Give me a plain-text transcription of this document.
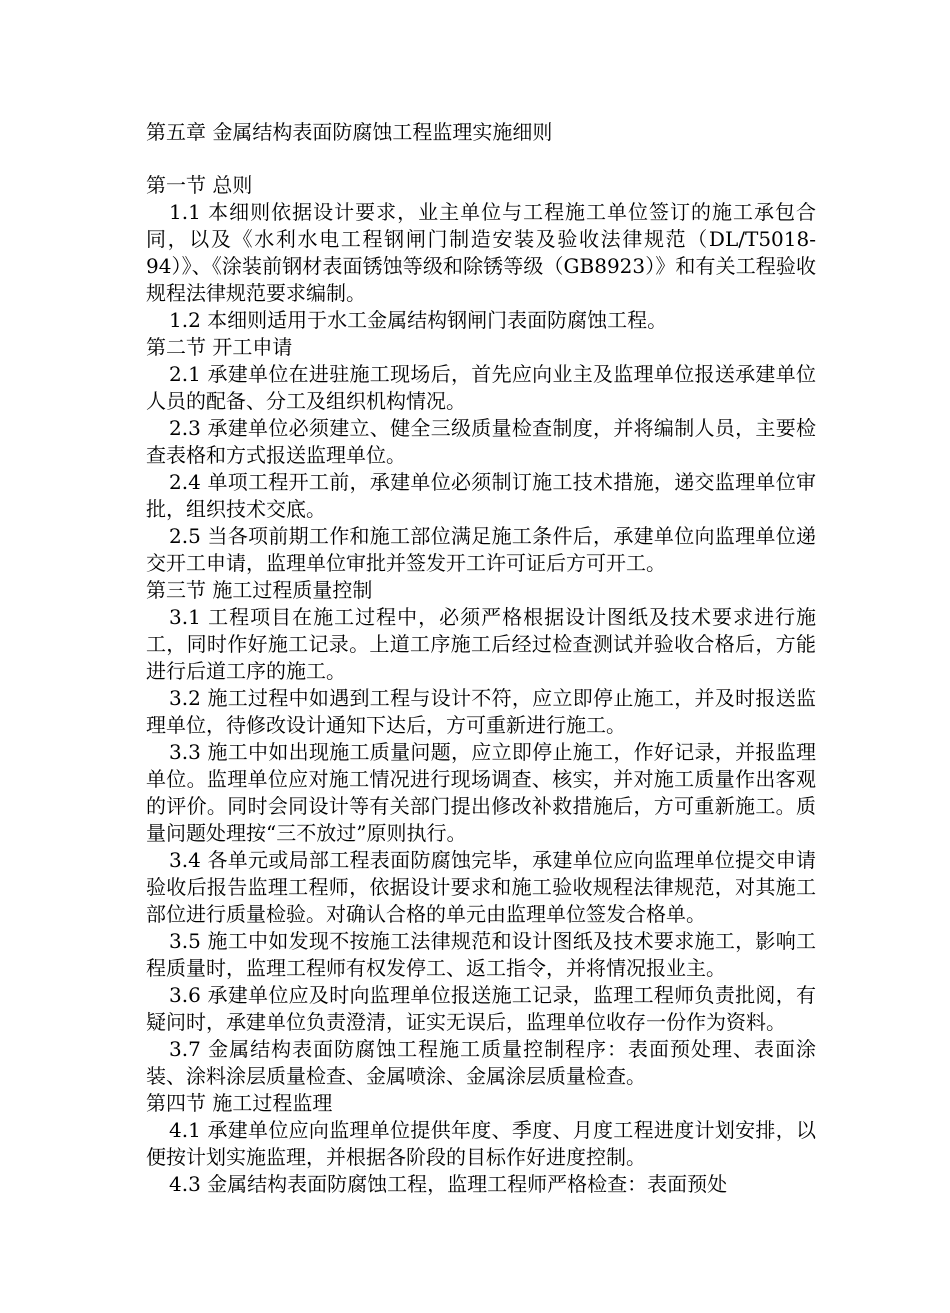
第五章 金属结构表面防腐蚀工程监理实施细则

第一节 总则

1.1 本细则依据设计要求，业主单位与工程施工单位签订的施工承包合同，以及《水利水电工程钢闸门制造安装及验收法律规范（DL/T5018-94）》、《涂装前钢材表面锈蚀等级和除锈等级（GB8923）》和有关工程验收规程法律规范要求编制。

1.2 本细则适用于水工金属结构钢闸门表面防腐蚀工程。

第二节 开工申请

2.1 承建单位在进驻施工现场后，首先应向业主及监理单位报送承建单位人员的配备、分工及组织机构情况。

2.3 承建单位必须建立、健全三级质量检查制度，并将编制人员，主要检查表格和方式报送监理单位。

2.4 单项工程开工前，承建单位必须制订施工技术措施，递交监理单位审批，组织技术交底。

2.5 当各项前期工作和施工部位满足施工条件后，承建单位向监理单位递交开工申请，监理单位审批并签发开工许可证后方可开工。

第三节 施工过程质量控制

3.1 工程项目在施工过程中，必须严格根据设计图纸及技术要求进行施工，同时作好施工记录。上道工序施工后经过检查测试并验收合格后，方能进行后道工序的施工。

3.2 施工过程中如遇到工程与设计不符，应立即停止施工，并及时报送监理单位，待修改设计通知下达后，方可重新进行施工。

3.3 施工中如出现施工质量问题，应立即停止施工，作好记录，并报监理单位。监理单位应对施工情况进行现场调查、核实，并对施工质量作出客观的评价。同时会同设计等有关部门提出修改补救措施后，方可重新施工。质量问题处理按“三不放过”原则执行。

3.4 各单元或局部工程表面防腐蚀完毕，承建单位应向监理单位提交申请验收后报告监理工程师，依据设计要求和施工验收规程法律规范，对其施工部位进行质量检验。对确认合格的单元由监理单位签发合格单。

3.5 施工中如发现不按施工法律规范和设计图纸及技术要求施工，影响工程质量时，监理工程师有权发停工、返工指令，并将情况报业主。

3.6 承建单位应及时向监理单位报送施工记录，监理工程师负责批阅，有疑问时，承建单位负责澄清，证实无误后，监理单位收存一份作为资料。

3.7 金属结构表面防腐蚀工程施工质量控制程序：表面预处理、表面涂装、涂料涂层质量检查、金属喷涂、金属涂层质量检查。

第四节 施工过程监理

4.1 承建单位应向监理单位提供年度、季度、月度工程进度计划安排，以便按计划实施监理，并根据各阶段的目标作好进度控制。

4.3 金属结构表面防腐蚀工程，监理工程师严格检查：表面预处
